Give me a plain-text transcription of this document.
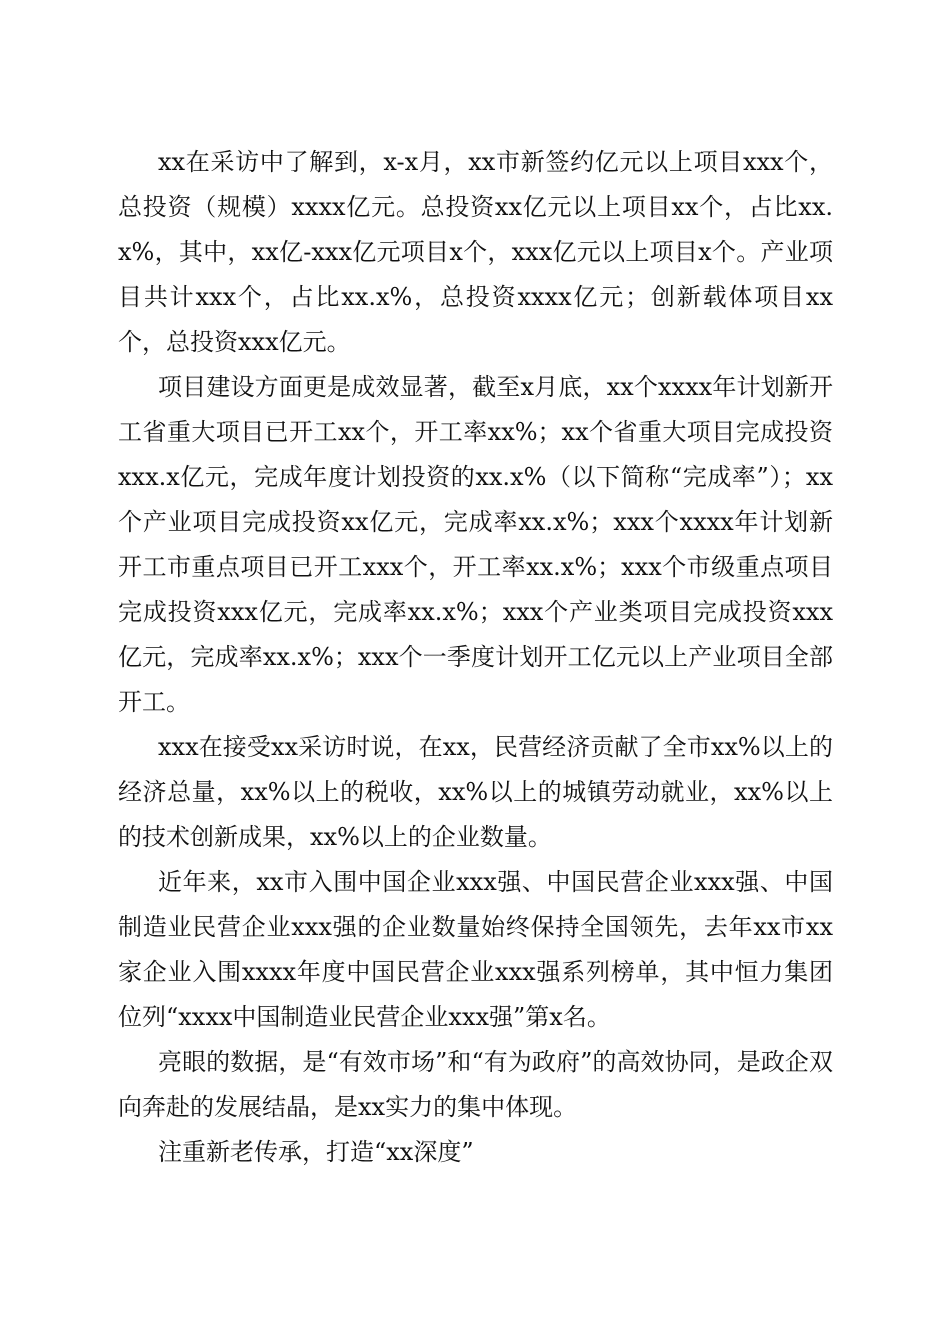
xx在采访中了解到，x-x月，xx市新签约亿元以上项目xxx个，总投资（规模）xxxx亿元。总投资xx亿元以上项目xx个，占比xx.x%，其中，xx亿-xxx亿元项目x个，xxx亿元以上项目x个。产业项目共计xxx个，占比xx.x%，总投资xxxx亿元；创新载体项目xx个，总投资xxx亿元。

项目建设方面更是成效显著，截至x月底，xx个xxxx年计划新开工省重大项目已开工xx个，开工率xx%；xx个省重大项目完成投资xxx.x亿元，完成年度计划投资的xx.x%（以下简称“完成率”）；xx个产业项目完成投资xx亿元，完成率xx.x%；xxx个xxxx年计划新开工市重点项目已开工xxx个，开工率xx.x%；xxx个市级重点项目完成投资xxx亿元，完成率xx.x%；xxx个产业类项目完成投资xxx亿元，完成率xx.x%；xxx个一季度计划开工亿元以上产业项目全部开工。

xxx在接受xx采访时说，在xx，民营经济贡献了全市xx%以上的经济总量，xx%以上的税收，xx%以上的城镇劳动就业，xx%以上的技术创新成果，xx%以上的企业数量。

近年来，xx市入围中国企业xxx强、中国民营企业xxx强、中国制造业民营企业xxx强的企业数量始终保持全国领先，去年xx市xx家企业入围xxxx年度中国民营企业xxx强系列榜单，其中恒力集团位列“xxxx中国制造业民营企业xxx强”第x名。

亮眼的数据，是“有效市场”和“有为政府”的高效协同，是政企双向奔赴的发展结晶，是xx实力的集中体现。

注重新老传承，打造“xx深度”
